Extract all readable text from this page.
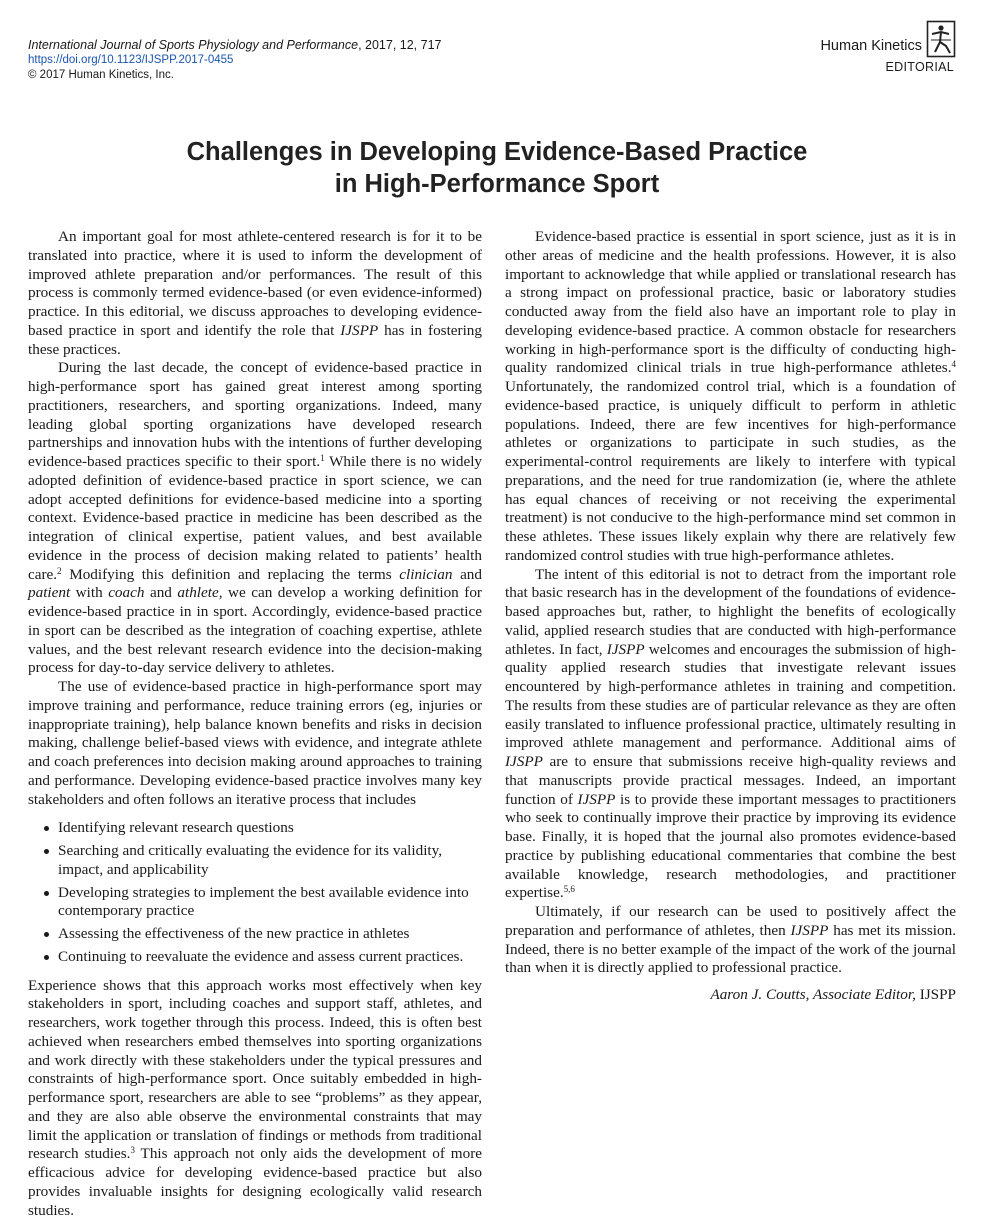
International Journal of Sports Physiology and Performance, 2017, 12, 717
https://doi.org/10.1123/IJSPP.2017-0455
© 2017 Human Kinetics, Inc.
Human Kinetics
EDITORIAL
Challenges in Developing Evidence-Based Practice
in High-Performance Sport

An important goal for most athlete-centered research is for it to be translated into practice, where it is used to inform the development of improved athlete preparation and/or performances. The result of this process is commonly termed evidence-based (or even evidence-informed) practice. In this editorial, we discuss approaches to developing evidence-based practice in sport and identify the role that IJSPP has in fostering these practices.

During the last decade, the concept of evidence-based practice in high-performance sport has gained great interest among sporting practitioners, researchers, and sporting organizations. Indeed, many leading global sporting organizations have developed research partnerships and innovation hubs with the intentions of further developing evidence-based practices specific to their sport.$^1$ While there is no widely adopted definition of evidence-based practice in sport science, we can adopt accepted definitions for evidence-based medicine into a sporting context. Evidence-based practice in medicine has been described as the integration of clinical expertise, patient values, and best available evidence in the process of decision making related to patients’ health care.$^2$ Modifying this definition and replacing the terms clinician and patient with coach and athlete, we can develop a working definition for evidence-based practice in in sport. Accordingly, evidence-based practice in sport can be described as the integration of coaching expertise, athlete values, and the best relevant research evidence into the decision-making process for day-to-day service delivery to athletes.

The use of evidence-based practice in high-performance sport may improve training and performance, reduce training errors (eg, injuries or inappropriate training), help balance known benefits and risks in decision making, challenge belief-based views with evidence, and integrate athlete and coach preferences into decision making around approaches to training and performance. Developing evidence-based practice involves many key stakeholders and often follows an iterative process that includes

Identifying relevant research questions
Searching and critically evaluating the evidence for its validity, impact, and applicability
Developing strategies to implement the best available evidence into contemporary practice
Assessing the effectiveness of the new practice in athletes
Continuing to reevaluate the evidence and assess current practices.

Experience shows that this approach works most effectively when key stakeholders in sport, including coaches and support staff, athletes, and researchers, work together through this process. Indeed, this is often best achieved when researchers embed themselves into sporting organizations and work directly with these stakeholders under the typical pressures and constraints of high-performance sport. Once suitably embedded in high-performance sport, researchers are able to see “problems” as they appear, and they are also able observe the environmental constraints that may limit the application or translation of findings or methods from traditional research studies.$^3$ This approach not only aids the development of more efficacious advice for developing evidence-based practice but also provides invaluable insights for designing ecologically valid research studies.

Evidence-based practice is essential in sport science, just as it is in other areas of medicine and the health professions. However, it is also important to acknowledge that while applied or translational research has a strong impact on professional practice, basic or laboratory studies conducted away from the field also have an important role to play in developing evidence-based practice. A common obstacle for researchers working in high-performance sport is the difficulty of conducting high-quality randomized clinical trials in true high-performance athletes.$^4$ Unfortunately, the randomized control trial, which is a foundation of evidence-based practice, is uniquely difficult to perform in athletic populations. Indeed, there are few incentives for high-performance athletes or organizations to participate in such studies, as the experimental-control requirements are likely to interfere with typical preparations, and the need for true randomization (ie, where the athlete has equal chances of receiving or not receiving the experimental treatment) is not conducive to the high-performance mind set common in these athletes. These issues likely explain why there are relatively few randomized control studies with true high-performance athletes.

The intent of this editorial is not to detract from the important role that basic research has in the development of the foundations of evidence-based approaches but, rather, to highlight the benefits of ecologically valid, applied research studies that are conducted with high-performance athletes. In fact, IJSPP welcomes and encourages the submission of high-quality applied research studies that investigate relevant issues encountered by high-performance athletes in training and competition. The results from these studies are of particular relevance as they are often easily translated to influence professional practice, ultimately resulting in improved athlete management and performance. Additional aims of IJSPP are to ensure that submissions receive high-quality reviews and that manuscripts provide practical messages. Indeed, an important function of IJSPP is to provide these important messages to practitioners who seek to continually improve their practice by improving its evidence base. Finally, it is hoped that the journal also promotes evidence-based practice by publishing educational commentaries that combine the best available knowledge, research methodologies, and practitioner expertise.$^{5,6}$

Ultimately, if our research can be used to positively affect the preparation and performance of athletes, then IJSPP has met its mission. Indeed, there is no better example of the impact of the work of the journal than when it is directly applied to professional practice.

Aaron J. Coutts, Associate Editor, IJSPP
